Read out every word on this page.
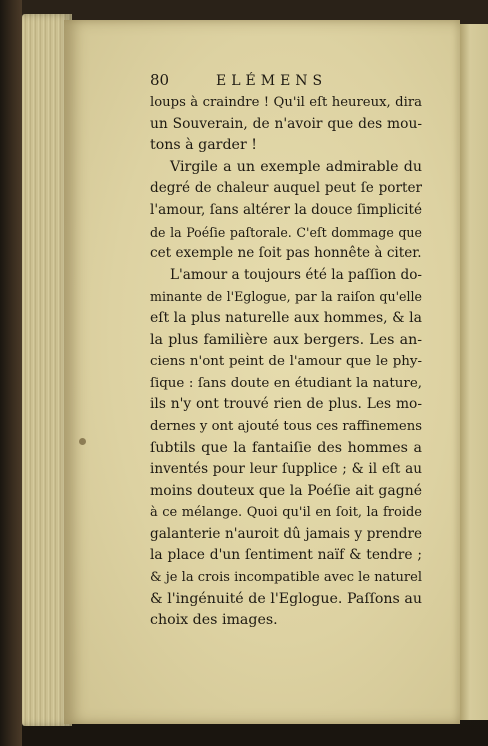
80	ELÉMENS
loups à craindre ! Qu'il eſt heureux, dira
un Souverain, de n'avoir que des mou-
tons à garder !
Virgile a un exemple admirable du
degré de chaleur auquel peut ſe porter
l'amour, ſans altérer la douce ſimplicité
de la Poéſie paſtorale. C'eſt dommage que
cet exemple ne ſoit pas honnête à citer.
L'amour a toujours été la paſſion do-
minante de l'Eglogue, par la raiſon qu'elle
eſt la plus naturelle aux hommes, & la
la plus familière aux bergers. Les an-
ciens n'ont peint de l'amour que le phy-
ſique : ſans doute en étudiant la nature,
ils n'y ont trouvé rien de plus. Les mo-
dernes y ont ajouté tous ces raffinemens
ſubtils que la fantaiſie des hommes a
inventés pour leur ſupplice ; & il eſt au
moins douteux que la Poéſie ait gagné
à ce mélange. Quoi qu'il en ſoit, la froide
galanterie n'auroit dû jamais y prendre
la place d'un ſentiment naïf & tendre ;
& je la crois incompatible avec le naturel
& l'ingénuité de l'Eglogue. Paſſons au
choix des images.
